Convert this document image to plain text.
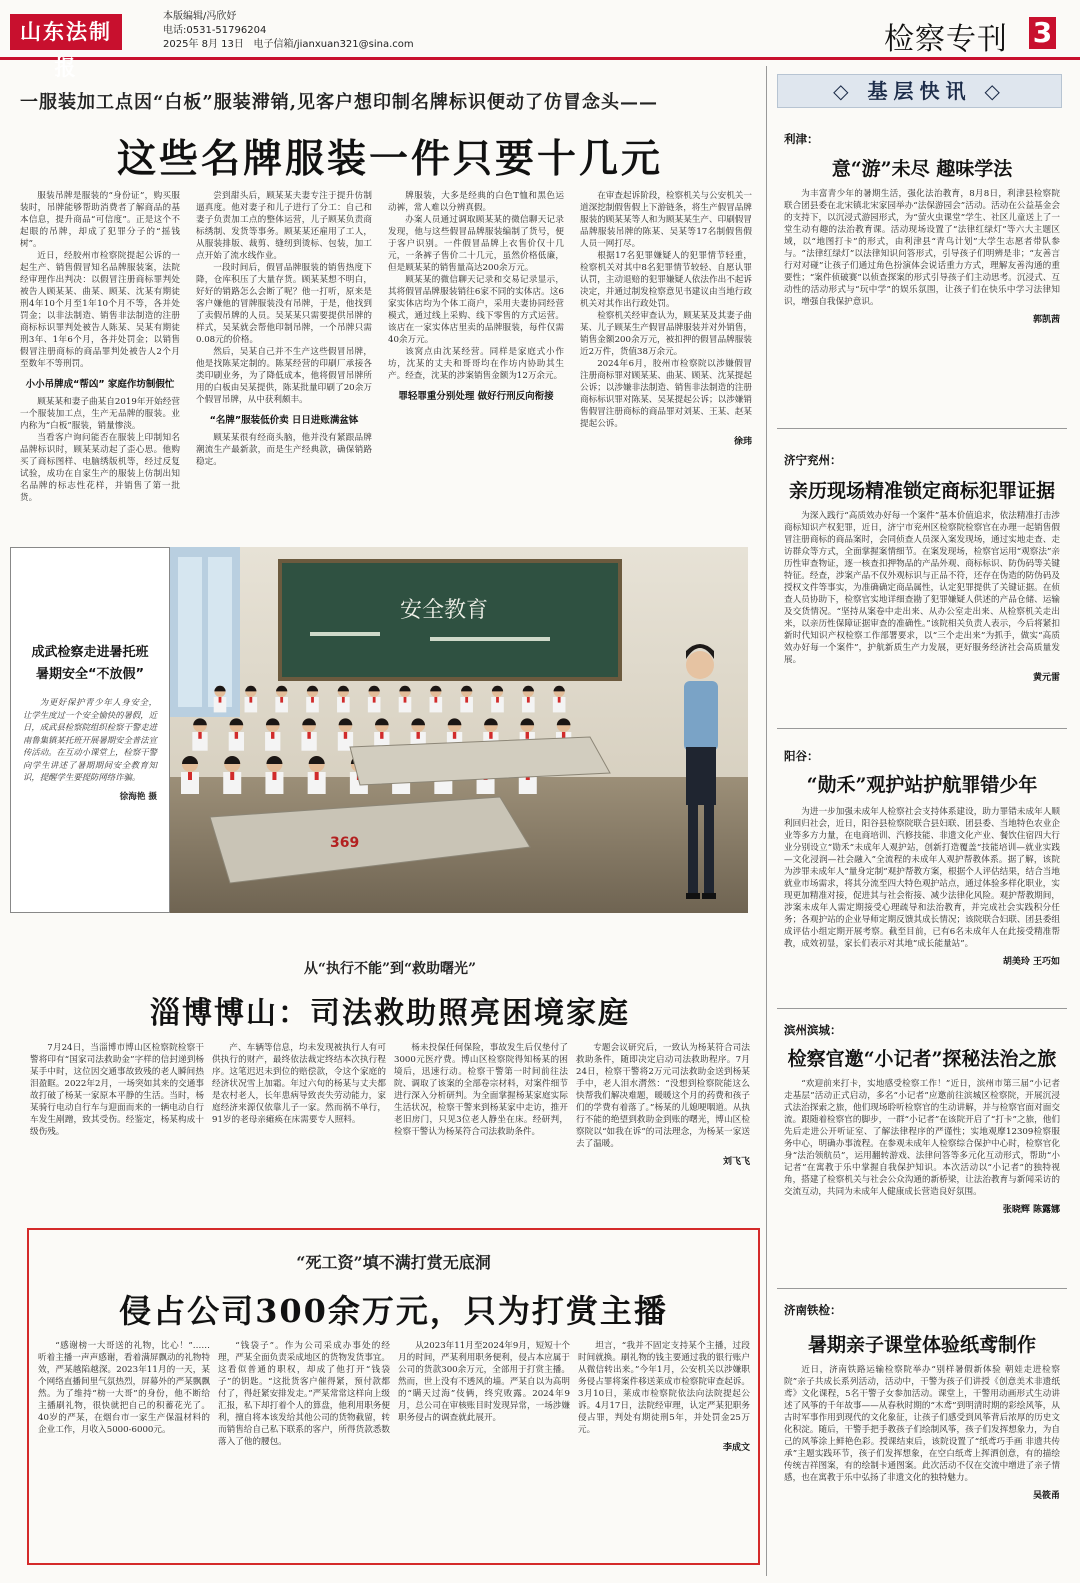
山东法制报
本版编辑/冯欣妤
电话:0531-51796204
2025年 8月 13日 电子信箱/jianxuan321@sina.com	检察专刊 3
一服装加工点因“白板”服装滞销,见客户想印制名牌标识便动了仿冒念头——
这些名牌服装一件只要十几元

服装吊牌是服装的“身份证”，购买服装时，吊牌能够帮助消费者了解商品的基本信息，提升商品“可信度”。正是这个不起眼的吊牌，却成了犯罪分子的“摇钱树”。

近日，经胶州市检察院提起公诉的一起生产、销售假冒知名品牌服装案，法院经审理作出判决：以假冒注册商标罪判处被告人顾某某、曲某、顾某、沈某有期徒刑4年10个月至1年10个月不等，各并处罚金；以非法制造、销售非法制造的注册商标标识罪判处被告人陈某、吴某有期徒刑3年、1年6个月，各并处罚金；以销售假冒注册商标的商品罪判处被告人2个月至数年不等刑罚。

小小吊牌成“帮凶” 家庭作坊制假忙

顾某某和妻子曲某自2019年开始经营一个服装加工点，生产无品牌的服装。业内称为“白板”服装，销量惨淡。

当看客户询问能否在服装上印制知名品牌标识时，顾某某动起了歪心思。他购买了商标图样、电脑绣版机等，经过反复试验，成功在自家生产的服装上仿制出知名品牌的标志性花样，并销售了第一批货。

尝到甜头后，顾某某夫妻专注于提升仿制逼真度。他对妻子和儿子进行了分工：自己和妻子负责加工点的整体运营，儿子顾某负责商标绣制、发货等事务。顾某某还雇用了工人，从服装排版、裁剪、缝纫到烫标、包装，加工点开始了流水线作业。

一段时间后，假冒品牌服装的销售热度下降，仓库积压了大量存货。顾某某想不明白，好好的销路怎么会断了呢？他一打听，原来是客户嫌他的冒牌服装没有吊牌，于是，他找到了卖假吊牌的人员。吴某某只需要提供吊牌的样式，吴某就会帮他印制吊牌，一个吊牌只需0.08元的价格。

然后，吴某自己并不生产这些假冒吊牌，他是找陈某定制的。陈某经营的印刷厂承接各类印刷业务，为了降低成本，他将假冒吊牌所用的白板由吴某提供，陈某批量印刷了20余万个假冒吊牌，从中获利颇丰。

“名牌”服装低价卖 日日进账满盆钵

顾某某很有经商头脑，他并没有紧跟品牌潮流生产最新款，而是生产经典款，确保销路稳定。

牌服装，大多是经典的白色T恤和黑色运动裤，常人难以分辨真假。

办案人员通过调取顾某某的微信聊天记录发现，他与这些假冒品牌服装编制了货号，便于客户识别。一件假冒品牌上衣售价仅十几元，一条裤子售价二十几元，虽然价格低廉，但是顾某某的销售量高达200余万元。

顾某某的微信聊天记录和交易记录显示，其将假冒品牌服装销往6家不同的实体店。这6家实体店均为个体工商户，采用夫妻协同经营模式，通过线上采购、线下零售的方式运营。该店在一家实体店里卖的品牌服装，每件仅需40余万元。

该窝点由沈某经营。同样是家庭式小作坊，沈某的丈夫和哥哥均在作坊内协助其生产。经查，沈某的涉案销售金额为12万余元。

罪轻罪重分别处理 做好行刑反向衔接

在审查起诉阶段，检察机关与公安机关一道深挖制假售假上下游链条，将生产假冒品牌服装的顾某某等人和为顾某某生产、印刷假冒品牌服装吊牌的陈某、吴某等17名制假售假人员一网打尽。

根据17名犯罪嫌疑人的犯罪情节轻重，检察机关对其中8名犯罪情节较轻、自愿认罪认罚，主动退赔的犯罪嫌疑人依法作出不起诉决定，并通过制发检察意见书建议由当地行政机关对其作出行政处罚。

检察机关经审查认为，顾某某及其妻子曲某、儿子顾某生产假冒品牌服装并对外销售，销售金额200余万元，被扣押的假冒品牌服装近2万件，货值38万余元。

2024年6月，胶州市检察院以涉嫌假冒注册商标罪对顾某某、曲某、顾某、沈某提起公诉；以涉嫌非法制造、销售非法制造的注册商标标识罪对陈某、吴某提起公诉；以涉嫌销售假冒注册商标的商品罪对刘某、王某、赵某提起公诉。

徐玮
成武检察走进暑托班
暑期安全“不放假”
为更好保护青少年人身安全，让学生度过一个安全愉快的暑假，近日，成武县检察院组织检察干警走进南鲁集镇某托班开展暑期安全普法宣传活动。在互动小课堂上，检察干警向学生讲述了暑期期间安全教育知识，提醒学生要提防网络诈骗。
徐海艳 摄
安全教育
369
从“执行不能”到“救助曙光”
淄博博山：司法救助照亮困境家庭

7月24日，当淄博市博山区检察院检察干警将印有“国家司法救助金”字样的信封递到杨某手中时，这位因交通事故致残的老人瞬间热泪盈眶。2022年2月，一场突如其来的交通事故打破了杨某一家原本平静的生活。当时，杨某骑行电动自行车与迎面而来的一辆电动自行车发生剐蹭，致其受伤。经鉴定，杨某构成十级伤残。

产、车辆等信息，均未发现被执行人有可供执行的财产，最终依法裁定终结本次执行程序。这笔迟迟未到位的赔偿款，令这个家庭的经济状况雪上加霜。年过六旬的杨某与丈夫都是农村老人，长年患病导致丧失劳动能力，家庭经济来源仅依靠儿子一家。然而祸不单行，91岁的老母亲瘫痪在床需要专人照料。

杨未投保任何保险，事故发生后仅垫付了3000元医疗费。博山区检察院得知杨某的困境后，迅速行动。检察干警第一时间前往法院、调取了该案的全部卷宗材料，对案件细节进行深入分析研判。为全面掌握杨某家庭实际生活状况，检察干警来到杨某家中走访，推开老旧房门，只见3位老人静坐在床。经研判，检察干警认为杨某符合司法救助条件。

专题会议研究后，一致认为杨某符合司法救助条件，随即决定启动司法救助程序。7月24日，检察干警将2万元司法救助金送到杨某手中，老人泪水潸然：“没想到检察院能这么快帮我们解决难题，暖暖这个月的药费和孩子们的学费有着落了。”杨某的儿媳哽咽道。从执行不能的绝望到救助金到账的曙光，博山区检察院以“如我在诉”的司法理念，为杨某一家送去了温暖。

刘飞飞
“死工资”填不满打赏无底洞
侵占公司300余万元，只为打赏主播

“感谢榜一大哥送的礼物，比心！”……听着主播一声声感谢，看着满屏飘动的礼物特效，严某越陷越深。2023年11月的一天，某个网络直播间里气氛热烈，屏幕外的严某飘飘然。为了维持“榜一大哥”的身份，他不断给主播刷礼物，很快就把自己的积蓄花光了。40岁的严某，在烟台市一家生产保温材料的企业工作，月收入5000-6000元。

“钱袋子”。作为公司采成办事处的经理，严某全面负责采成地区的货物发货事宜。这看似普通的职权，却成了他打开“钱袋子”的钥匙。“这批货客户催得紧，预付款都付了，得赶紧安排发走。”严某常常这样向上级汇报，私下却打着个人的算盘，他利用职务便利，擅自将本该发给其他公司的货物截留，转而销售给自己私下联系的客户，所得货款悉数落入了他的腰包。

从2023年11月至2024年9月，短短十个月的时间，严某利用职务便利，侵占本应属于公司的货款300余万元，全部用于打赏主播。然而，世上没有不透风的墙。严某自以为高明的“瞒天过海”伎俩，终究败露。2024年9月，总公司在审核账目时发现异常，一场涉嫌职务侵占的调查就此展开。

坦言，“我并不固定支持某个主播，过段时间就换。刷礼物的钱主要通过我的银行账户从微信转出来。”今年1月，公安机关以涉嫌职务侵占罪将案件移送莱成市检察院审查起诉。3月10日，莱成市检察院依法向法院提起公诉。4月17日，法院经审理，认定严某犯职务侵占罪，判处有期徒刑5年，并处罚金25万元。

李成文
◇ 基层快讯 ◇
利津：
意“游”未尽 趣味学法

为丰富青少年的暑期生活，强化法治教育，8月8日，利津县检察院联合团县委在北宋镇北宋家园举办“法保游园会”活动。活动在公益基金会的支持下，以沉浸式游园形式，为“萤火虫课堂”学生、社区儿童送上了一堂生动有趣的法治教育课。活动现场设置了“法律红绿灯”等六大主题区域，以“地图打卡”的形式，由利津县“青鸟计划”大学生志愿者带队参与。“法律红绿灯”以法律知识问答形式，引导孩子们明辨是非；“友善言行对对碰”让孩子们通过角色扮演体会说话重力方式，理解友善沟通的重要性；“案件侦破赛”以侦查探案的形式引导孩子们主动思考。沉浸式、互动性的活动形式与“玩中学”的娱乐氛围，让孩子们在快乐中学习法律知识，增强自我保护意识。

郭凯茜
济宁兖州：
亲历现场精准锁定商标犯罪证据

为深入践行“高质效办好每一个案件”基本价值追求，依法精准打击涉商标知识产权犯罪，近日，济宁市兖州区检察院检察官在办理一起销售假冒注册商标的商品案时，会同侦查人员深入案发现场，通过实地走查、走访群众等方式，全面掌握案情细节。在案发现场，检察官运用“观察法”亲历性审查物证，逐一核查扣押物品的产品外观、商标标识、防伪码等关键特征。经查，涉案产品不仅外观标识与正品不符，还存在伪造的防伪码及授权文件等事实，为准确确定商品属性，认定犯罪提供了关键证据。在侦查人员协助下，检察官实地详细查勘了犯罪嫌疑人供述的产品仓储、运输及交货情况。“坚持从案卷中走出来、从办公室走出来、从检察机关走出来，以亲历性保障证据审查的准确性。”该院相关负责人表示，今后将紧扣新时代知识产权检察工作部署要求，以“三个走出来”为抓手，做实“高质效办好每一个案件”，护航新质生产力发展，更好服务经济社会高质量发展。

黄元雷
阳谷：
“勋禾”观护站护航罪错少年

为进一步加强未成年人检察社会支持体系建设，助力罪错未成年人顺利回归社会，近日，阳谷县检察院联合县妇联、团县委、当地特色农业企业等多方力量，在电商培训、汽修技能、非遗文化产业、餐饮住宿四大行业分别设立“勋禾”未成年人观护站，创新打造覆盖“技能培训—就业实践—文化浸润—社会融入”全流程的未成年人观护帮教体系。据了解，该院为涉罪未成年人“量身定制”观护帮教方案，根据个人评估结果，结合当地就业市场需求，将其分流至四大特色观护站点，通过体验多样化职业，实现更加精准对接，促进其与社会衔接、减少法律化风险。观护帮教期间，涉案未成年人需定期接受心理疏导和法治教育，并完成社会实践积分任务；各观护站的企业导师定期反馈其成长情况；该院联合妇联、团县委组成评估小组定期开展考察。截至目前，已有6名未成年人在此接受精准帮教，成效初显，家长们表示对其地“成长能量站”。

胡美玲 王巧如
滨州滨城：
检察官邀“小记者”探秘法治之旅

“欢迎前来打卡，实地感受检察工作！”近日，滨州市第三届“小记者走基层”活动正式启动，多名“小记者”应邀前往滨城区检察院，开展沉浸式法治探索之旅，他们现场聆听检察官的生动讲解，并与检察官面对面交流。跟随着检察官的脚步，一群“小记者”在该院开启了“打卡”之旅，他们先后走进公开听证室、了解法律程序的严谨性；实地观摩12309检察服务中心，明确办事流程。在参观未成年人检察综合保护中心时，检察官化身“法治领航员”，运用翻转游戏、法律问答等多元化互动形式，帮助“小记者”在寓教于乐中掌握自我保护知识。本次活动以“小记者”的独特视角，搭建了检察机关与社会公众沟通的新桥梁，让法治教育与新闻采访的交流互动，共同为未成年人健康成长营造良好氛围。

张晓辉 陈露娜
济南铁检：
暑期亲子课堂体验纸鸢制作

近日，济南铁路运输检察院举办“别样暑假新体验 朝娃走进检察院”亲子共成长系列活动，活动中，干警为孩子们讲授《创意美术非遗纸鸢》文化课程，5名干警子女参加活动。课堂上，干警用动画形式生动讲述了风筝的千年故事——从春秋时期的“木鸢”到明清时期的彩绘风筝，从古时军事作用到现代的文化象征，让孩子们感受到风筝背后浓厚的历史文化积淀。随后，干警手把手教孩子们绘制风筝，孩子们发挥想象力，为自己的风筝涂上鲜艳色彩。授课结束后，该院设置了“纸鸢巧手画 非遗共传承”主题实践环节，孩子们发挥想象，在空白纸鸢上挥洒创意，有的描绘传统吉祥图案，有的绘制卡通图案。此次活动不仅在交流中增进了亲子情感，也在寓教于乐中弘扬了非遗文化的独特魅力。

吴筱甬
